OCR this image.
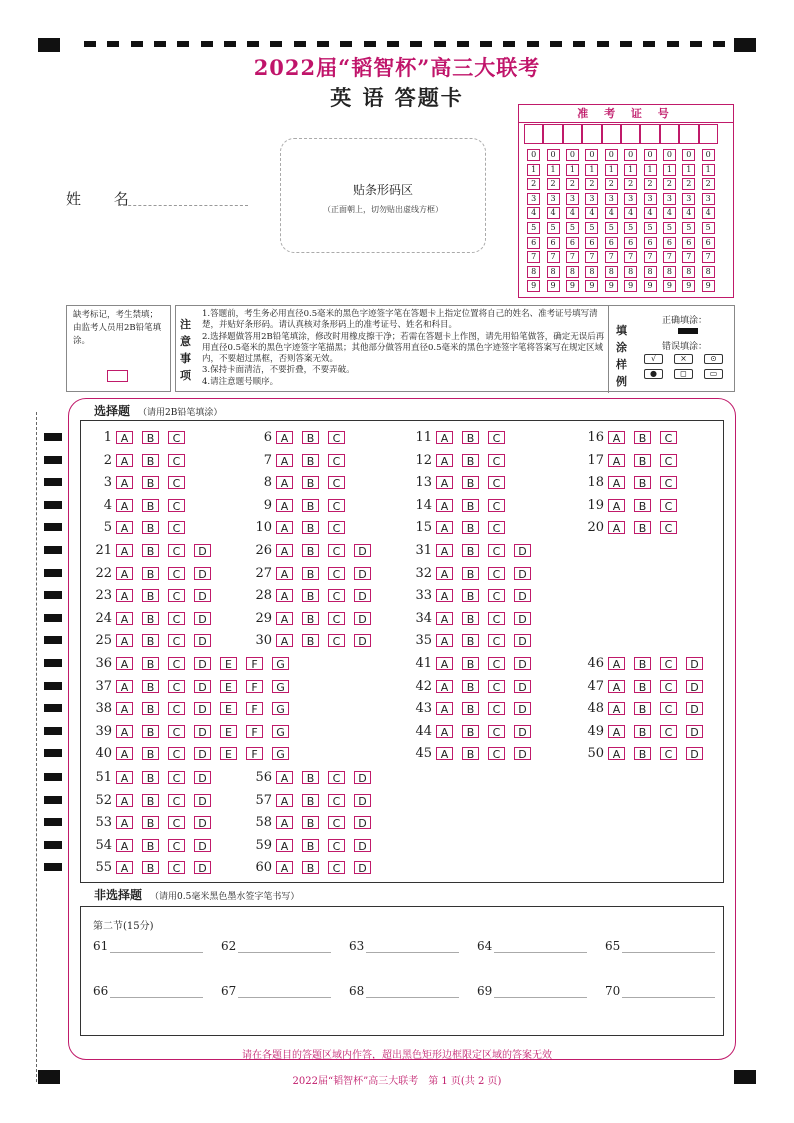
2022届“韬智杯”高三大联考
英 语 答题卡
姓 名	贴条形码区
（正面朝上，切勿贴出虚线方框）
准 考 证 号
0	0	0	0	0	0	0	0	0	0
1	1	1	1	1	1	1	1	1	1
2	2	2	2	2	2	2	2	2	2
3	3	3	3	3	3	3	3	3	3
4	4	4	4	4	4	4	4	4	4
5	5	5	5	5	5	5	5	5	5
6	6	6	6	6	6	6	6	6	6
7	7	7	7	7	7	7	7	7	7
8	8	8	8	8	8	8	8	8	8
9	9	9	9	9	9	9	9	9	9
缺考标记，考生禁填；由监考人员用2B铅笔填涂。
注
意
事
项
1.答题前，考生务必用直径0.5毫米的黑色字迹签字笔在答题卡上指定位置将自己的姓名、准考证号填写清楚，并贴好条形码。请认真核对条形码上的准考证号、姓名和科目。
2.选择题做答用2B铅笔填涂，修改时用橡皮擦干净；若需在答题卡上作图，请先用铅笔做答，确定无误后再用直径0.5毫米的黑色字迹签字笔描黑；其他部分做答用直径0.5毫米的黑色字迹签字笔将答案写在规定区域内，不要超过黑框，否则答案无效。
3.保持卡面清洁，不要折叠，不要弄破。
4.请注意题号顺序。
填
涂
样
例
正确填涂：
错误填涂：
√	×	⊙
●	◻	▭
选择题 （请用2B铅笔填涂）
1 A	B	C
2 A	B	C
3 A	B	C
4 A	B	C
5 A	B	C
6 A	B	C
7 A	B	C
8 A	B	C
9 A	B	C
10 A	B	C
11 A	B	C
12 A	B	C
13 A	B	C
14 A	B	C
15 A	B	C
16 A	B	C
17 A	B	C
18 A	B	C
19 A	B	C
20 A	B	C
21 A	B	C	D
22 A	B	C	D
23 A	B	C	D
24 A	B	C	D
25 A	B	C	D
26 A	B	C	D
27 A	B	C	D
28 A	B	C	D
29 A	B	C	D
30 A	B	C	D
31 A	B	C	D
32 A	B	C	D
33 A	B	C	D
34 A	B	C	D
35 A	B	C	D
36 A	B	C	D	E	F	G
37 A	B	C	D	E	F	G
38 A	B	C	D	E	F	G
39 A	B	C	D	E	F	G
40 A	B	C	D	E	F	G
41 A	B	C	D
42 A	B	C	D
43 A	B	C	D
44 A	B	C	D
45 A	B	C	D
46 A	B	C	D
47 A	B	C	D
48 A	B	C	D
49 A	B	C	D
50 A	B	C	D
51 A	B	C	D
52 A	B	C	D
53 A	B	C	D
54 A	B	C	D
55 A	B	C	D
56 A	B	C	D
57 A	B	C	D
58 A	B	C	D
59 A	B	C	D
60 A	B	C	D
非选择题 （请用0.5毫米黑色墨水签字笔书写）
第二节(15分)
61	62	63	64	65
66	67	68	69	70
请在各题目的答题区域内作答，超出黑色矩形边框限定区域的答案无效
2022届“韬智杯”高三大联考　第 1 页(共 2 页)
